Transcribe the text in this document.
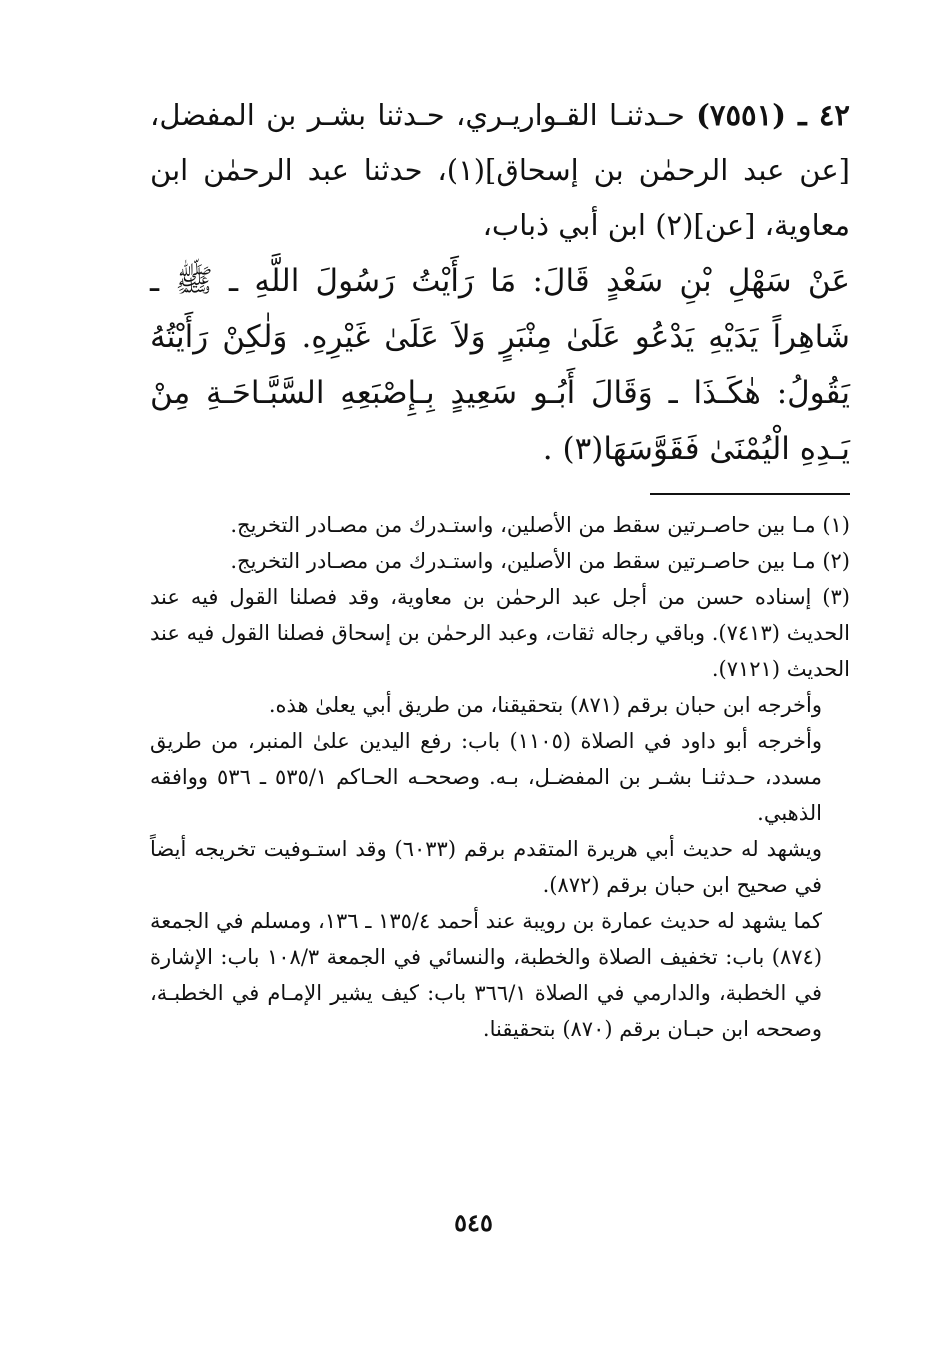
٤٢ ـ (٧٥٥١) حـدثنـا القـواريـري، حـدثنا بشـر بن المفضل، [عن عبد الرحمٰن بن إسحاق](١)، حدثنا عبد الرحمٰن ابن معاوية، [عن](٢) ابن أبي ذباب،

عَنْ سَهْلِ بْنِ سَعْدٍ قَالَ: مَا رَأَيْتُ رَسُولَ اللَّهِ ـ ﷺ ـ شَاهِراً يَدَيْهِ يَدْعُو عَلَىٰ مِنْبَرٍ وَلاَ عَلَىٰ غَيْرِهِ. وَلٰكِنْ رَأَيْتُهُ يَقُولُ: هٰكَـذَا ـ وَقَالَ أَبُـو سَعِيدٍ بِـإِصْبَعِهِ السَّبَّـاحَـةِ مِنْ يَـدِهِ الْيُمْنَىٰ فَقَوَّسَهَا(٣) .

(١) مـا بين حاصـرتين سقط من الأصلين، واستـدرك من مصـادر التخريج.

(٢) مـا بين حاصـرتين سقط من الأصلين، واستـدرك من مصـادر التخريج.

(٣) إسناده حسن من أجل عبد الرحمٰن بن معاوية، وقد فصلنا القول فيه عند الحديث (٧٤١٣). وباقي رجاله ثقات، وعبد الرحمٰن بن إسحاق فصلنا القول فيه عند الحديث (٧١٢١).

وأخرجه ابن حبان برقم (٨٧١) بتحقيقنا، من طريق أبي يعلىٰ هذه.

وأخرجه أبو داود في الصلاة (١١٠٥) باب: رفع اليدين علىٰ المنبر، من طريق مسدد، حـدثنـا بشـر بن المفضـل، بـه. وصححـه الحـاكم ٥٣٥/١ ـ ٥٣٦ ووافقه الذهبي.

ويشهد له حديث أبي هريرة المتقدم برقم (٦٠٣٣) وقد استـوفيت تخريجه أيضاً في صحيح ابن حبان برقم (٨٧٢).

كما يشهد له حديث عمارة بن رويبة عند أحمد ١٣٥/٤ ـ ١٣٦، ومسلم في الجمعة (٨٧٤) باب: تخفيف الصلاة والخطبة، والنسائي في الجمعة ١٠٨/٣ باب: الإشارة في الخطبة، والدارمي في الصلاة ٣٦٦/١ باب: كيف يشير الإمـام في الخطبـة، وصححه ابن حبـان برقم (٨٧٠) بتحقيقنا.

٥٤٥
